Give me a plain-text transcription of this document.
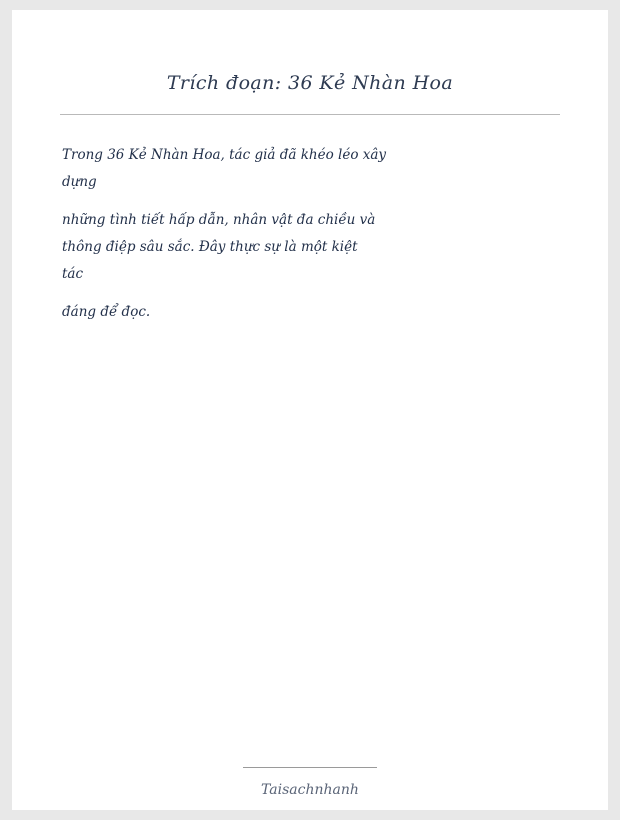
Trích đoạn: 36 Kẻ Nhàn Hoa
Trong 36 Kẻ Nhàn Hoa, tác giả đã khéo léo xây
dựng
những tình tiết hấp dẫn, nhân vật đa chiều và
thông điệp sâu sắc. Đây thực sự là một kiệt
tác
đáng để đọc.
Taisachnhanh
